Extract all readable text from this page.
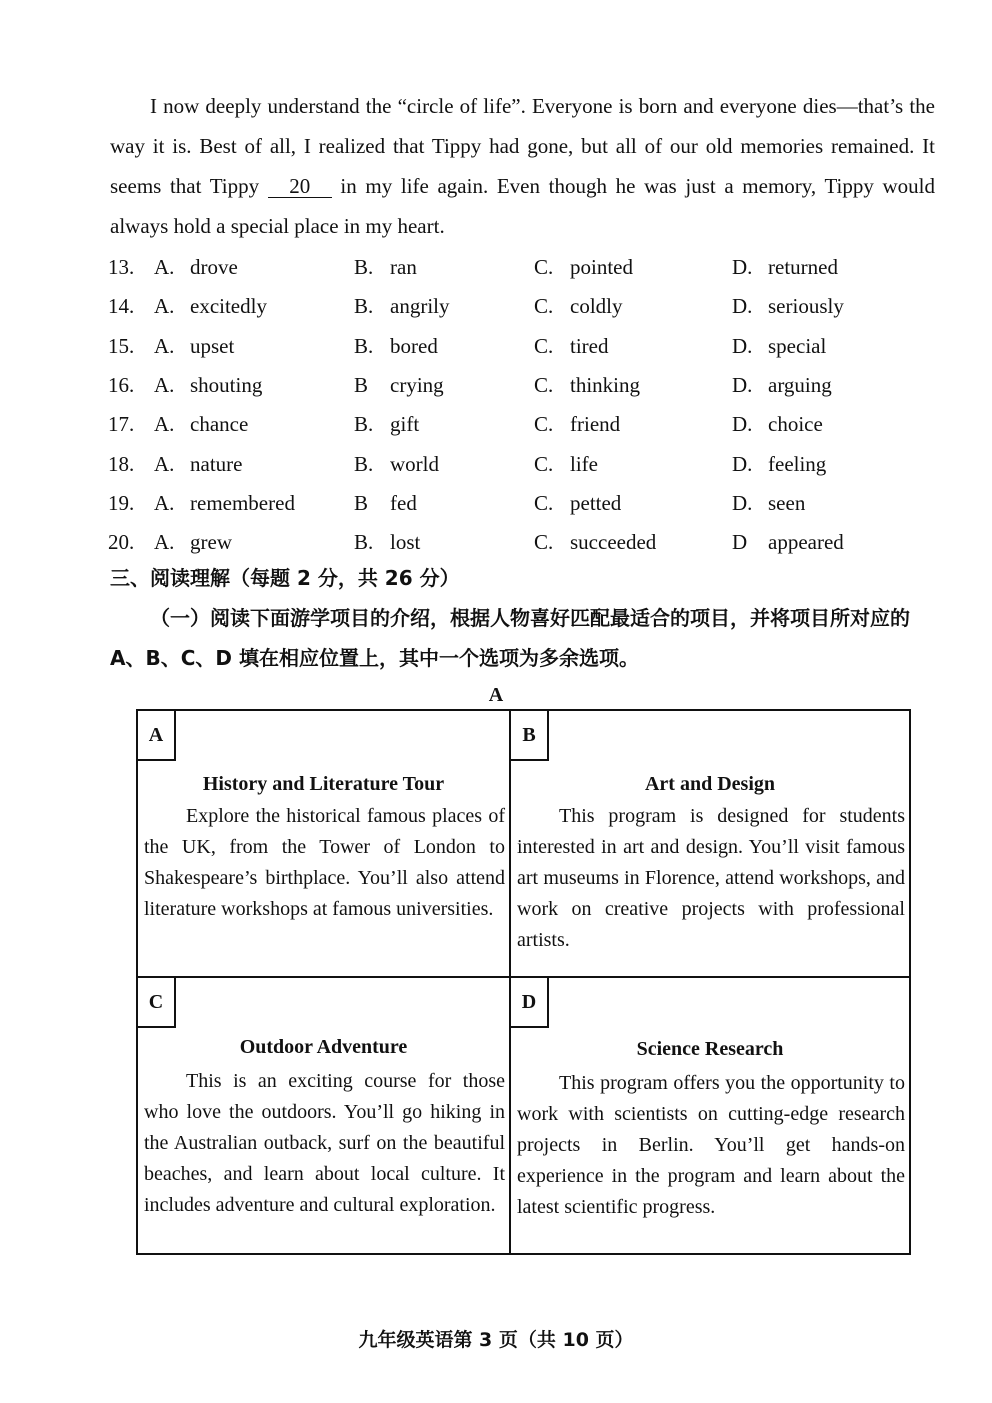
I now deeply understand the “circle of life”. Everyone is born and everyone dies—that’s the way it is. Best of all, I realized that Tippy had gone, but all of our old memories remained. It seems that Tippy 20 in my life again. Even though he was just a memory, Tippy would always hold a special place in my heart.

13. A. drove	B. ran	C. pointed	D. returned
14. A. excitedly	B. angrily	C. coldly	D. seriously
15. A. upset	B. bored	C. tired	D. special
16. A. shouting	B	crying	C. thinking	D. arguing
17. A. chance	B. gift	C. friend	D. choice
18. A. nature	B. world	C. life	D. feeling
19. A. remembered	B	fed	C. petted	D. seen
20. A. grew	B. lost	C. succeeded	D appeared
三、阅读理解（每题 2 分，共 26 分）
（一）阅读下面游学项目的介绍，根据人物喜好匹配最适合的项目，并将项目所对应的 A、B、C、D 填在相应位置上，其中一个选项为多余选项。
A
A
History and Literature Tour
Explore the historical famous places of the UK, from the Tower of London to Shakespeare’s birthplace. You’ll also attend literature workshops at famous universities.
B
Art and Design
This program is designed for students interested in art and design. You’ll visit famous art museums in Florence, attend workshops, and work on creative projects with professional artists.
C
Outdoor Adventure
This is an exciting course for those who love the outdoors. You’ll go hiking in the Australian outback, surf on the beautiful beaches, and learn about local culture. It includes adventure and cultural exploration.
D
Science Research
This program offers you the opportunity to work with scientists on cutting-edge research projects in Berlin. You’ll get hands-on experience in the program and learn about the latest scientific progress.
九年级英语第 3 页（共 10 页）
